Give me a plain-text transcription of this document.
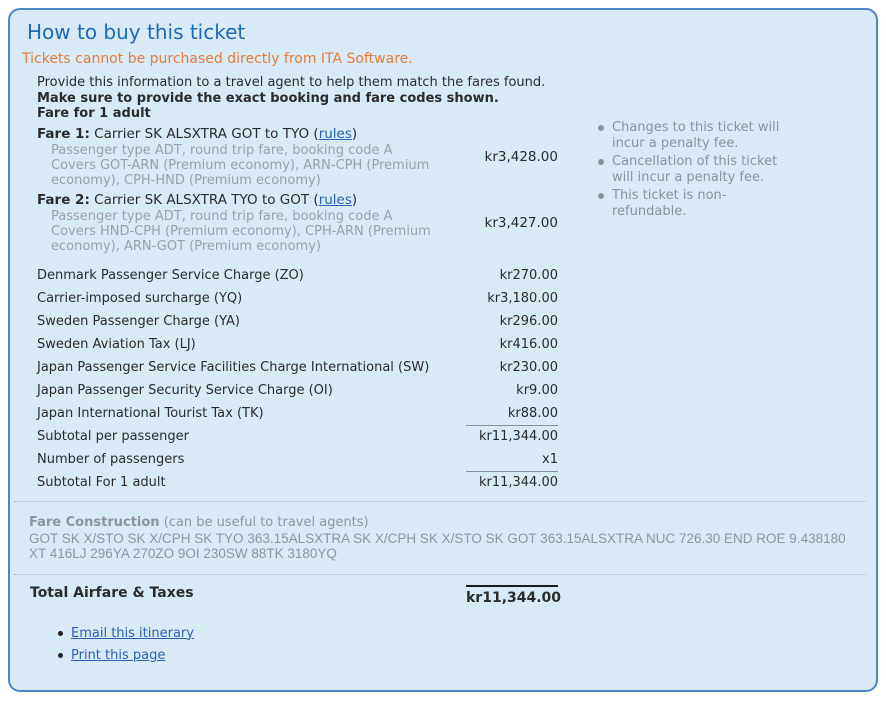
How to buy this ticket
Tickets cannot be purchased directly from ITA Software.
Provide this information to a travel agent to help them match the fares found.
Make sure to provide the exact booking and fare codes shown.
Fare for 1 adult
Fare 1: Carrier SK ALSXTRA GOT to TYO (rules)
Passenger type ADT, round trip fare, booking code A
Covers GOT-ARN (Premium economy), ARN-CPH (Premium economy), CPH-HND (Premium economy)
kr3,428.00
Fare 2: Carrier SK ALSXTRA TYO to GOT (rules)
Passenger type ADT, round trip fare, booking code A
Covers HND-CPH (Premium economy), CPH-ARN (Premium economy), ARN-GOT (Premium economy)
kr3,427.00
Denmark Passenger Service Charge (ZO)	kr270.00
Carrier-imposed surcharge (YQ)	kr3,180.00
Sweden Passenger Charge (YA)	kr296.00
Sweden Aviation Tax (LJ)	kr416.00
Japan Passenger Service Facilities Charge International (SW)	kr230.00
Japan Passenger Security Service Charge (OI)	kr9.00
Japan International Tourist Tax (TK)	kr88.00
Subtotal per passenger	kr11,344.00
Number of passengers	x1
Subtotal For 1 adult	kr11,344.00
Changes to this ticket will incur a penalty fee.
Cancellation of this ticket will incur a penalty fee.
This ticket is non-refundable.
Fare Construction (can be useful to travel agents)
GOT SK X/STO SK X/CPH SK TYO 363.15ALSXTRA SK X/CPH SK X/STO SK GOT 363.15ALSXTRA NUC 726.30 END ROE 9.438180 XT 416LJ 296YA 270ZO 9OI 230SW 88TK 3180YQ
Total Airfare & Taxes	kr11,344.00
Email this itinerary
Print this page
